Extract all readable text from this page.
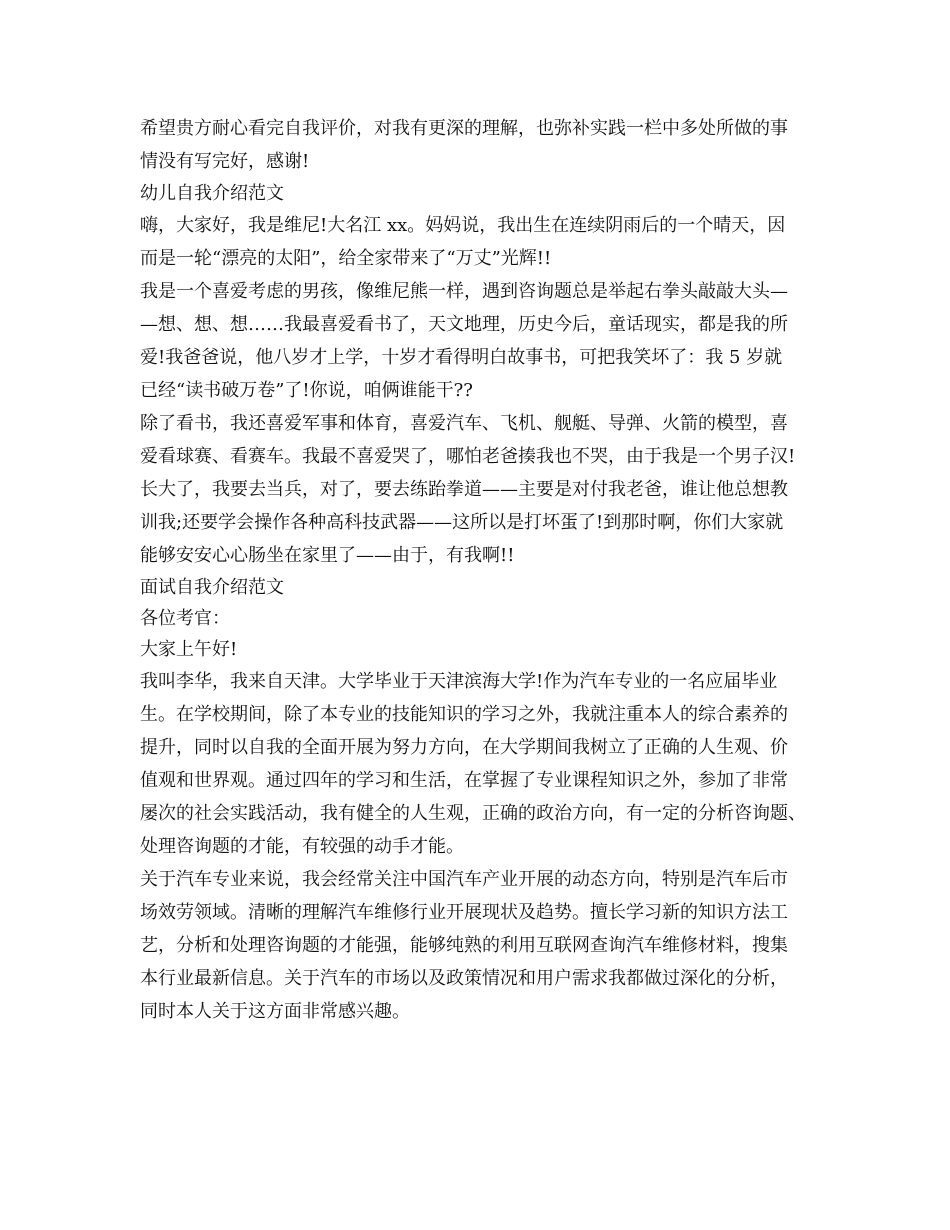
希望贵方耐心看完自我评价，对我有更深的理解，也弥补实践一栏中多处所做的事
情没有写完好，感谢!
幼儿自我介绍范文
嗨，大家好，我是维尼!大名江 xx。妈妈说，我出生在连续阴雨后的一个晴天，因
而是一轮“漂亮的太阳”，给全家带来了“万丈”光辉!!
我是一个喜爱考虑的男孩，像维尼熊一样，遇到咨询题总是举起右拳头敲敲大头—
—想、想、想……我最喜爱看书了，天文地理，历史今后，童话现实，都是我的所
爱!我爸爸说，他八岁才上学，十岁才看得明白故事书，可把我笑坏了：我 5 岁就
已经“读书破万卷”了!你说，咱俩谁能干??
除了看书，我还喜爱军事和体育，喜爱汽车、飞机、舰艇、导弹、火箭的模型，喜
爱看球赛、看赛车。我最不喜爱哭了，哪怕老爸揍我也不哭，由于我是一个男子汉!
长大了，我要去当兵，对了，要去练跆拳道——主要是对付我老爸，谁让他总想教
训我;还要学会操作各种高科技武器——这所以是打坏蛋了!到那时啊，你们大家就
能够安安心心肠坐在家里了——由于，有我啊!!
面试自我介绍范文
各位考官：
大家上午好!
我叫李华，我来自天津。大学毕业于天津滨海大学!作为汽车专业的一名应届毕业
生。在学校期间，除了本专业的技能知识的学习之外，我就注重本人的综合素养的
提升，同时以自我的全面开展为努力方向，在大学期间我树立了正确的人生观、价
值观和世界观。通过四年的学习和生活，在掌握了专业课程知识之外，参加了非常
屡次的社会实践活动，我有健全的人生观，正确的政治方向，有一定的分析咨询题、
处理咨询题的才能，有较强的动手才能。
关于汽车专业来说，我会经常关注中国汽车产业开展的动态方向，特别是汽车后市
场效劳领域。清晰的理解汽车维修行业开展现状及趋势。擅长学习新的知识方法工
艺，分析和处理咨询题的才能强，能够纯熟的利用互联网查询汽车维修材料，搜集
本行业最新信息。关于汽车的市场以及政策情况和用户需求我都做过深化的分析，
同时本人关于这方面非常感兴趣。
